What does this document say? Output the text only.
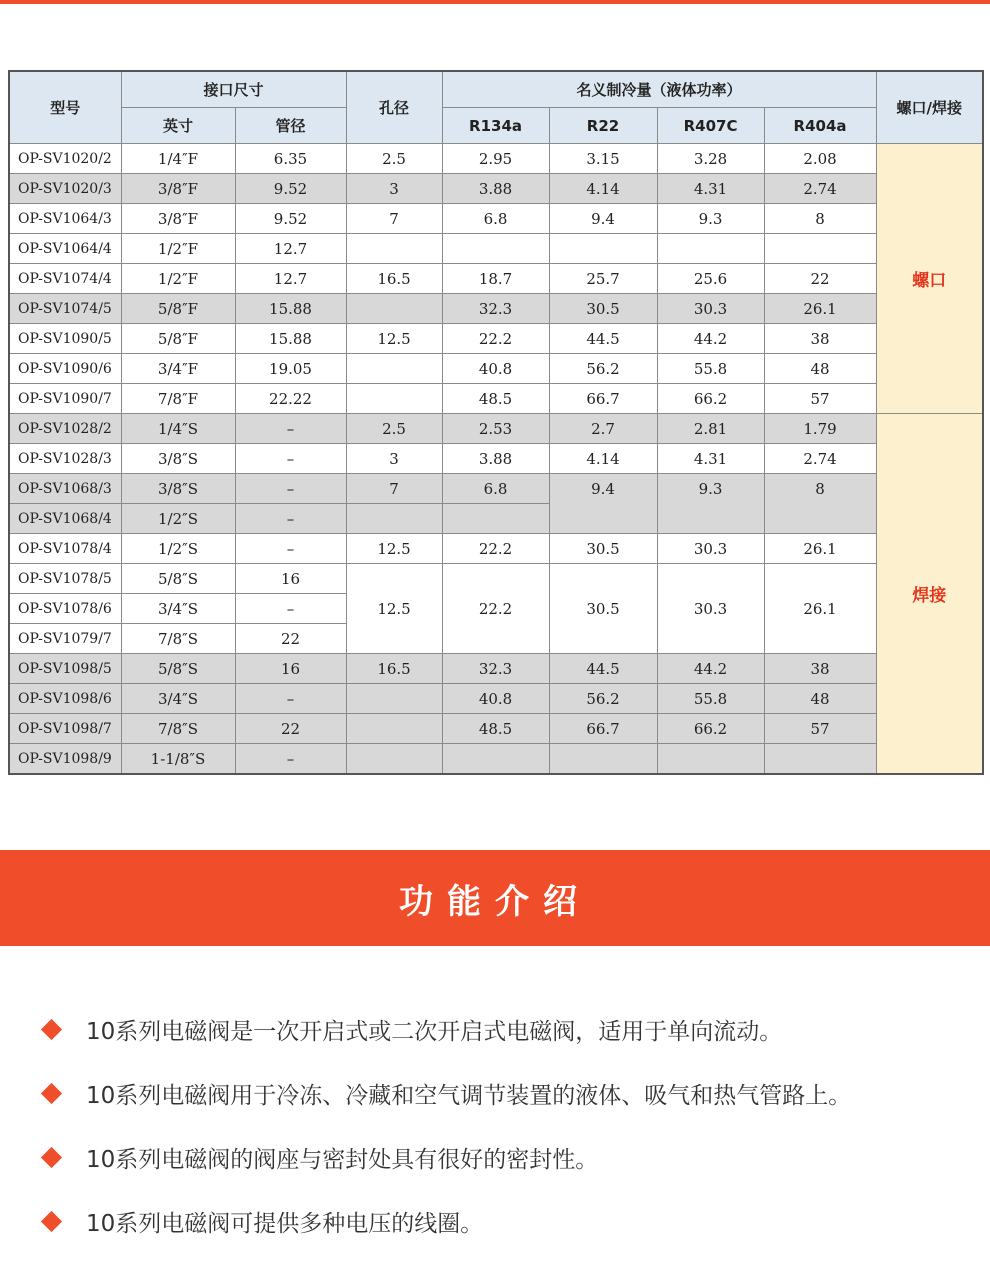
型号	接口尺寸		孔径	名义制冷量（液体功率）				螺口/焊接
	英寸	管径		R134a	R22	R407C	R404a	
OP-SV1020/2	1/4″F	6.35	2.5	2.95	3.15	3.28	2.08	螺口
OP-SV1020/3	3/8″F	9.52	3	3.88	4.14	4.31	2.74	
OP-SV1064/3	3/8″F	9.52	7	6.8	9.4	9.3	8	
OP-SV1064/4	1/2″F	12.7						
OP-SV1074/4	1/2″F	12.7	16.5	18.7	25.7	25.6	22	
OP-SV1074/5	5/8″F	15.88		32.3	30.5	30.3	26.1	
OP-SV1090/5	5/8″F	15.88	12.5	22.2	44.5	44.2	38	
OP-SV1090/6	3/4″F	19.05		40.8	56.2	55.8	48	
OP-SV1090/7	7/8″F	22.22		48.5	66.7	66.2	57	
OP-SV1028/2	1/4″S	–	2.5	2.53	2.7	2.81	1.79	焊接
OP-SV1028/3	3/8″S	–	3	3.88	4.14	4.31	2.74	
OP-SV1068/3	3/8″S	–	7	6.8	9.4	9.3	8	
OP-SV1068/4	1/2″S	–						
OP-SV1078/4	1/2″S	–	12.5	22.2	30.5	30.3	26.1	
OP-SV1078/5	5/8″S	16	12.5	22.2	30.5	30.3	26.1	
OP-SV1078/6	3/4″S	–						
OP-SV1079/7	7/8″S	22						
OP-SV1098/5	5/8″S	16	16.5	32.3	44.5	44.2	38	
OP-SV1098/6	3/4″S	–		40.8	56.2	55.8	48	
OP-SV1098/7	7/8″S	22		48.5	66.7	66.2	57	
OP-SV1098/9	1-1/8″S	–						
功能介绍
10系列电磁阀是一次开启式或二次开启式电磁阀，适用于单向流动。
10系列电磁阀用于冷冻、冷藏和空气调节装置的液体、吸气和热气管路上。
10系列电磁阀的阀座与密封处具有很好的密封性。
10系列电磁阀可提供多种电压的线圈。
